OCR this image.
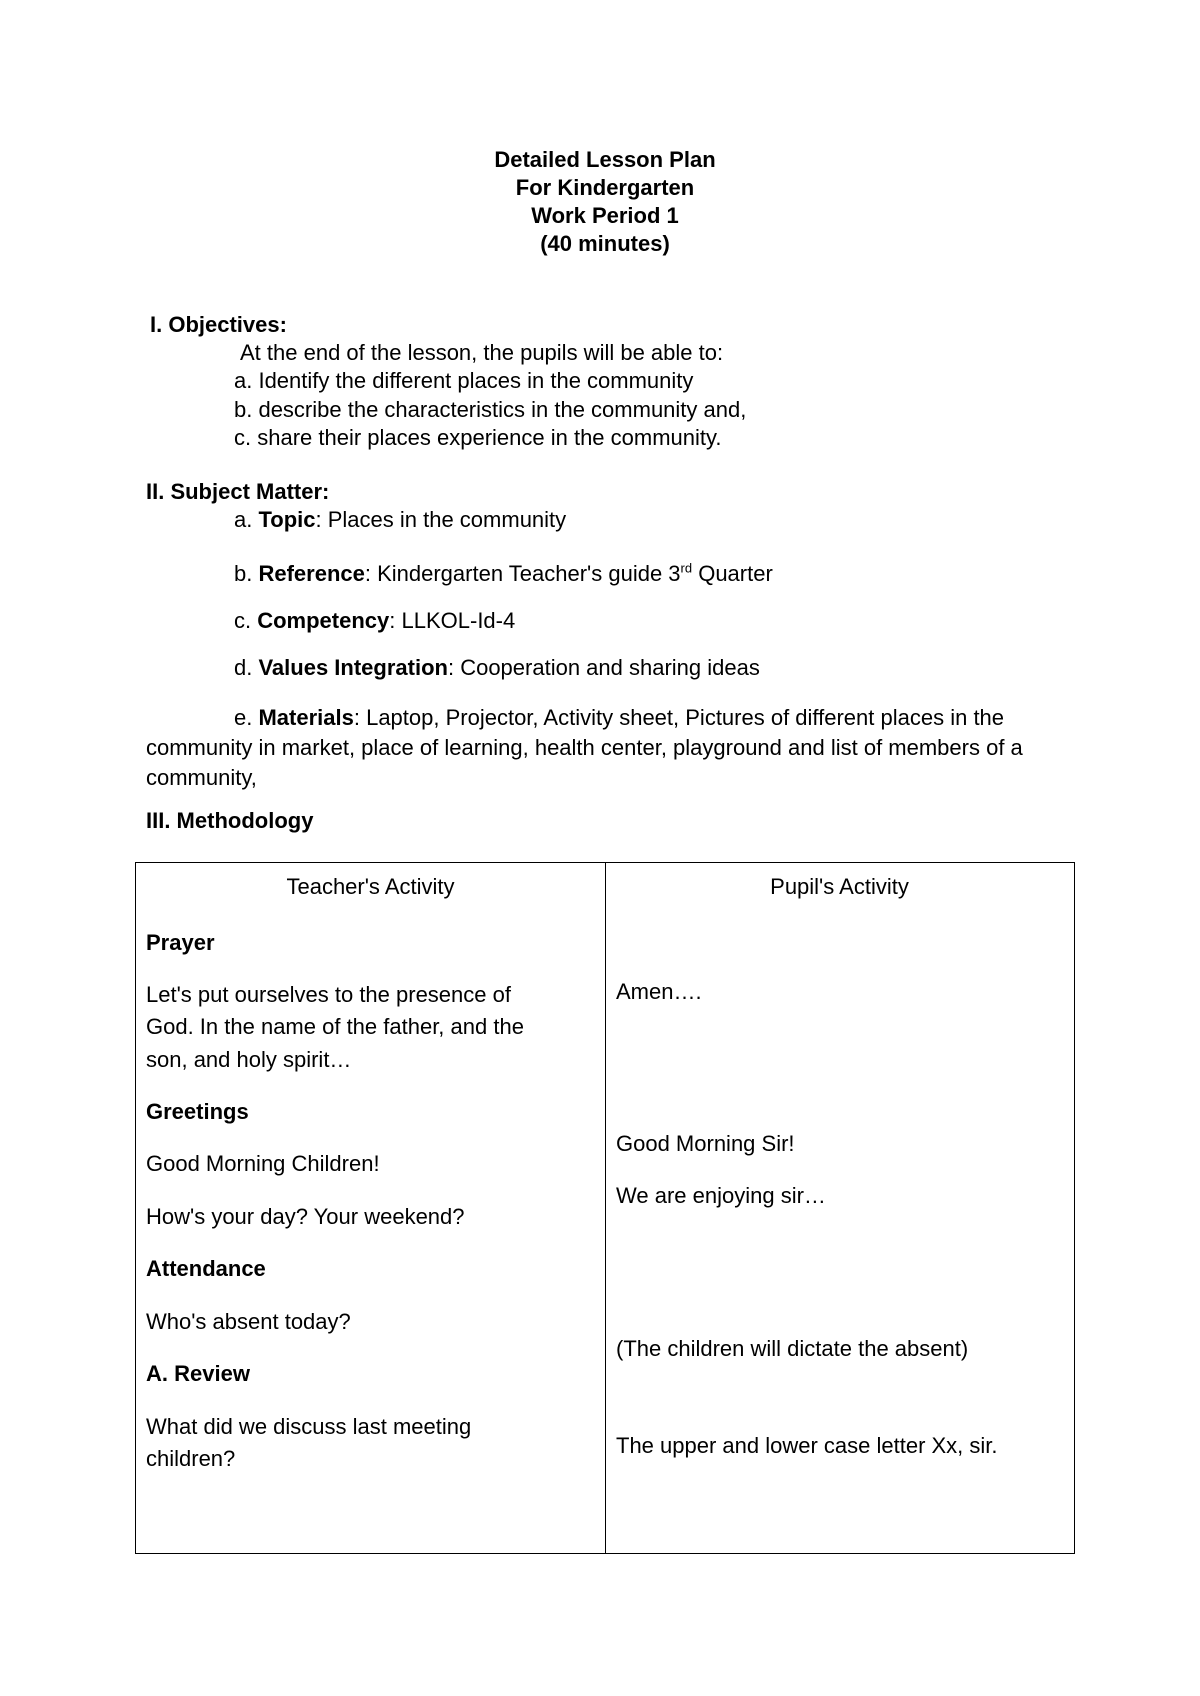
Detailed Lesson Plan
For Kindergarten
Work Period 1
(40 minutes)
I. Objectives:
At the end of the lesson, the pupils will be able to:
a. Identify the different places in the community
b. describe the characteristics in the community and,
c. share their places experience in the community.
II. Subject Matter:
a. Topic: Places in the community
b. Reference: Kindergarten Teacher's guide 3rd Quarter
c. Competency: LLKOL-Id-4
d. Values Integration: Cooperation and sharing ideas
e. Materials: Laptop, Projector, Activity sheet, Pictures of different places in the community in market, place of learning, health center, playground and list of members of a community,
III. Methodology
Teacher's Activity	Pupil's Activity
Prayer
Let's put ourselves to the presence of
God. In the name of the father, and the
son, and holy spirit…
Greetings
Good Morning Children!
How's your day? Your weekend?
Attendance
Who's absent today?
A. Review
What did we discuss last meeting
children?
Amen….
Good Morning Sir!
We are enjoying sir…
(The children will dictate the absent)
The upper and lower case letter Xx, sir.
